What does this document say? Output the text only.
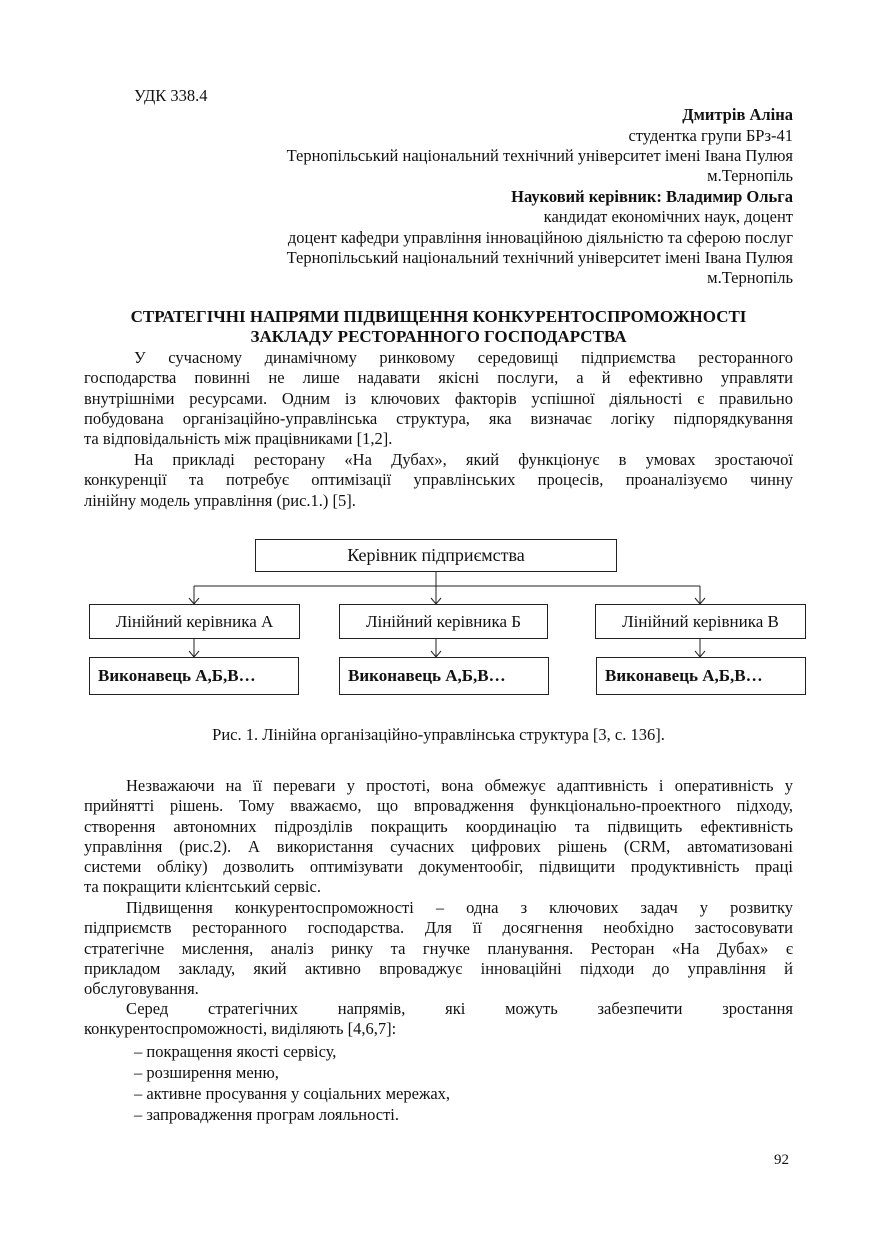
УДК 338.4
Дмитрів Аліна
студентка групи БРз-41
Тернопільський національний технічний університет імені Івана Пулюя
м.Тернопіль
Науковий керівник: Владимир Ольга
кандидат економічних наук, доцент
доцент кафедри управління інноваційною діяльністю та сферою послуг
Тернопільський національний технічний університет імені Івана Пулюя
м.Тернопіль
СТРАТЕГІЧНІ НАПРЯМИ ПІДВИЩЕННЯ КОНКУРЕНТОСПРОМОЖНОСТІ
ЗАКЛАДУ РЕСТОРАННОГО ГОСПОДАРСТВА
У сучасному динамічному ринковому середовищі підприємства ресторанного
господарства повинні не лише надавати якісні послуги, а й ефективно управляти
внутрішніми ресурсами. Одним із ключових факторів успішної діяльності є правильно
побудована організаційно-управлінська структура, яка визначає логіку підпорядкування
та відповідальність між працівниками [1,2].
На прикладі ресторану «На Дубах», який функціонує в умовах зростаючої
конкуренції та потребує оптимізації управлінських процесів, проаналізуємо чинну
лінійну модель управління (рис.1.) [5].
Керівник підприємства
Лінійний керівника А	Лінійний керівника Б	Лінійний керівника В
Виконавець А,Б,В…	Виконавець А,Б,В…	Виконавець А,Б,В…
Рис. 1. Лінійна організаційно-управлінська структура [3, с. 136].
Незважаючи на її переваги у простоті, вона обмежує адаптивність і оперативність у
прийнятті рішень. Тому вважаємо, що впровадження функціонально-проектного підходу,
створення автономних підрозділів покращить координацію та підвищить ефективність
управління (рис.2). А використання сучасних цифрових рішень (CRM, автоматизовані
системи обліку) дозволить оптимізувати документообіг, підвищити продуктивність праці
та покращити клієнтський сервіс.
Підвищення конкурентоспроможності – одна з ключових задач у розвитку
підприємств ресторанного господарства. Для її досягнення необхідно застосовувати
стратегічне мислення, аналіз ринку та гнучке планування. Ресторан «На Дубах» є
прикладом закладу, який активно впроваджує інноваційні підходи до управління й
обслуговування.
Серед стратегічних напрямів, які можуть забезпечити зростання
конкурентоспроможності, виділяють [4,6,7]:
– покращення якості сервісу,
– розширення меню,
– активне просування у соціальних мережах,
– запровадження програм лояльності.
92
